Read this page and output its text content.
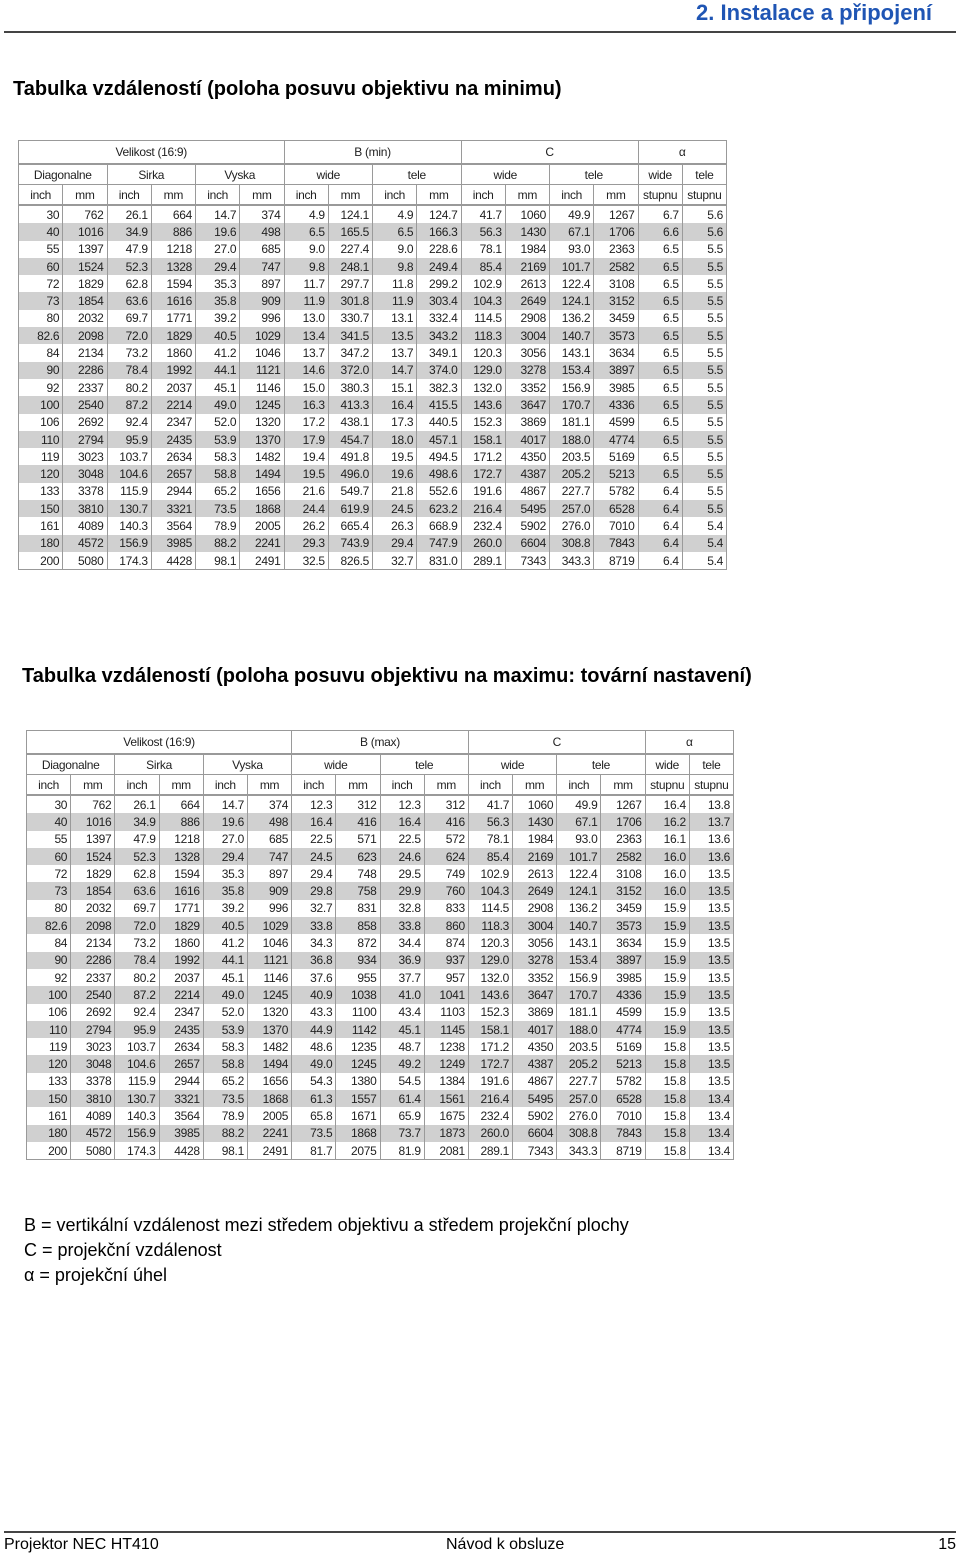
2. Instalace a připojení
Tabulka vzdáleností (poloha posuvu objektivu na minimu)
Velikost (16:9)						B (min)				C				α	
Diagonalne		Sirka		Vyska		wide		tele		wide		tele		wide	tele
inch	mm	inch	mm	inch	mm	inch	mm	inch	mm	inch	mm	inch	mm	stupnu	stupnu
30	762	26.1	664	14.7	374	4.9	124.1	4.9	124.7	41.7	1060	49.9	1267	6.7	5.6
40	1016	34.9	886	19.6	498	6.5	165.5	6.5	166.3	56.3	1430	67.1	1706	6.6	5.6
55	1397	47.9	1218	27.0	685	9.0	227.4	9.0	228.6	78.1	1984	93.0	2363	6.5	5.5
60	1524	52.3	1328	29.4	747	9.8	248.1	9.8	249.4	85.4	2169	101.7	2582	6.5	5.5
72	1829	62.8	1594	35.3	897	11.7	297.7	11.8	299.2	102.9	2613	122.4	3108	6.5	5.5
73	1854	63.6	1616	35.8	909	11.9	301.8	11.9	303.4	104.3	2649	124.1	3152	6.5	5.5
80	2032	69.7	1771	39.2	996	13.0	330.7	13.1	332.4	114.5	2908	136.2	3459	6.5	5.5
82.6	2098	72.0	1829	40.5	1029	13.4	341.5	13.5	343.2	118.3	3004	140.7	3573	6.5	5.5
84	2134	73.2	1860	41.2	1046	13.7	347.2	13.7	349.1	120.3	3056	143.1	3634	6.5	5.5
90	2286	78.4	1992	44.1	1121	14.6	372.0	14.7	374.0	129.0	3278	153.4	3897	6.5	5.5
92	2337	80.2	2037	45.1	1146	15.0	380.3	15.1	382.3	132.0	3352	156.9	3985	6.5	5.5
100	2540	87.2	2214	49.0	1245	16.3	413.3	16.4	415.5	143.6	3647	170.7	4336	6.5	5.5
106	2692	92.4	2347	52.0	1320	17.2	438.1	17.3	440.5	152.3	3869	181.1	4599	6.5	5.5
110	2794	95.9	2435	53.9	1370	17.9	454.7	18.0	457.1	158.1	4017	188.0	4774	6.5	5.5
119	3023	103.7	2634	58.3	1482	19.4	491.8	19.5	494.5	171.2	4350	203.5	5169	6.5	5.5
120	3048	104.6	2657	58.8	1494	19.5	496.0	19.6	498.6	172.7	4387	205.2	5213	6.5	5.5
133	3378	115.9	2944	65.2	1656	21.6	549.7	21.8	552.6	191.6	4867	227.7	5782	6.4	5.5
150	3810	130.7	3321	73.5	1868	24.4	619.9	24.5	623.2	216.4	5495	257.0	6528	6.4	5.5
161	4089	140.3	3564	78.9	2005	26.2	665.4	26.3	668.9	232.4	5902	276.0	7010	6.4	5.4
180	4572	156.9	3985	88.2	2241	29.3	743.9	29.4	747.9	260.0	6604	308.8	7843	6.4	5.4
200	5080	174.3	4428	98.1	2491	32.5	826.5	32.7	831.0	289.1	7343	343.3	8719	6.4	5.4
Tabulka vzdáleností (poloha posuvu objektivu na maximu: tovární nastavení)
Velikost (16:9)						B (max)				C				α	
Diagonalne		Sirka		Vyska		wide		tele		wide		tele		wide	tele
inch	mm	inch	mm	inch	mm	inch	mm	inch	mm	inch	mm	inch	mm	stupnu	stupnu
30	762	26.1	664	14.7	374	12.3	312	12.3	312	41.7	1060	49.9	1267	16.4	13.8
40	1016	34.9	886	19.6	498	16.4	416	16.4	416	56.3	1430	67.1	1706	16.2	13.7
55	1397	47.9	1218	27.0	685	22.5	571	22.5	572	78.1	1984	93.0	2363	16.1	13.6
60	1524	52.3	1328	29.4	747	24.5	623	24.6	624	85.4	2169	101.7	2582	16.0	13.6
72	1829	62.8	1594	35.3	897	29.4	748	29.5	749	102.9	2613	122.4	3108	16.0	13.5
73	1854	63.6	1616	35.8	909	29.8	758	29.9	760	104.3	2649	124.1	3152	16.0	13.5
80	2032	69.7	1771	39.2	996	32.7	831	32.8	833	114.5	2908	136.2	3459	15.9	13.5
82.6	2098	72.0	1829	40.5	1029	33.8	858	33.8	860	118.3	3004	140.7	3573	15.9	13.5
84	2134	73.2	1860	41.2	1046	34.3	872	34.4	874	120.3	3056	143.1	3634	15.9	13.5
90	2286	78.4	1992	44.1	1121	36.8	934	36.9	937	129.0	3278	153.4	3897	15.9	13.5
92	2337	80.2	2037	45.1	1146	37.6	955	37.7	957	132.0	3352	156.9	3985	15.9	13.5
100	2540	87.2	2214	49.0	1245	40.9	1038	41.0	1041	143.6	3647	170.7	4336	15.9	13.5
106	2692	92.4	2347	52.0	1320	43.3	1100	43.4	1103	152.3	3869	181.1	4599	15.9	13.5
110	2794	95.9	2435	53.9	1370	44.9	1142	45.1	1145	158.1	4017	188.0	4774	15.9	13.5
119	3023	103.7	2634	58.3	1482	48.6	1235	48.7	1238	171.2	4350	203.5	5169	15.8	13.5
120	3048	104.6	2657	58.8	1494	49.0	1245	49.2	1249	172.7	4387	205.2	5213	15.8	13.5
133	3378	115.9	2944	65.2	1656	54.3	1380	54.5	1384	191.6	4867	227.7	5782	15.8	13.5
150	3810	130.7	3321	73.5	1868	61.3	1557	61.4	1561	216.4	5495	257.0	6528	15.8	13.4
161	4089	140.3	3564	78.9	2005	65.8	1671	65.9	1675	232.4	5902	276.0	7010	15.8	13.4
180	4572	156.9	3985	88.2	2241	73.5	1868	73.7	1873	260.0	6604	308.8	7843	15.8	13.4
200	5080	174.3	4428	98.1	2491	81.7	2075	81.9	2081	289.1	7343	343.3	8719	15.8	13.4
B = vertikální vzdálenost mezi středem objektivu a středem projekční plochy
C = projekční vzdálenost
α = projekční úhel
Projektor NEC HT410	Návod k obsluze	15
